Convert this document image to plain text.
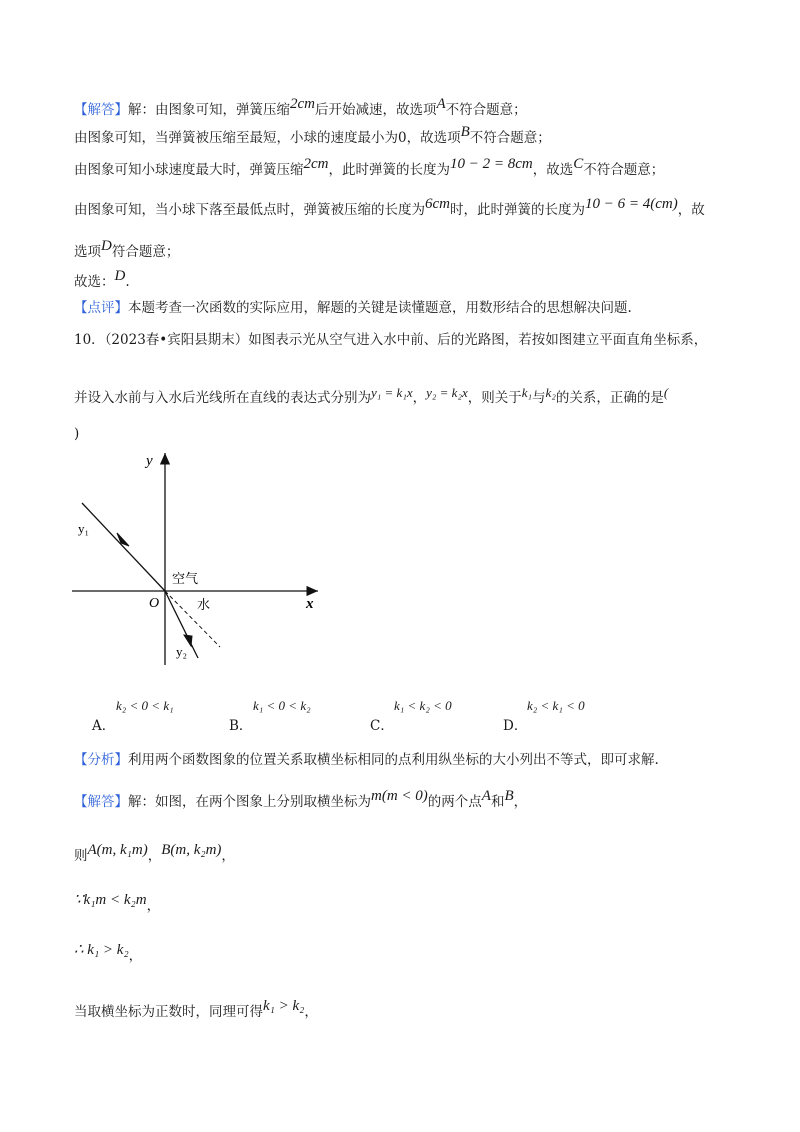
【解答】解：由图象可知，弹簧压缩2cm后开始减速，故选项A不符合题意；
由图象可知，当弹簧被压缩至最短，小球的速度最小为0，故选项B不符合题意；
由图象可知小球速度最大时，弹簧压缩2cm，此时弹簧的长度为10 − 2 = 8cm，故选C不符合题意；
由图象可知，当小球下落至最低点时，弹簧被压缩的长度为6cm时，此时弹簧的长度为10 − 6 = 4(cm)，故
选项D符合题意；
故选：D.
【点评】本题考查一次函数的实际应用，解题的关键是读懂题意，用数形结合的思想解决问题.
10．（2023春•宾阳县期末）如图表示光从空气进入水中前、后的光路图，若按如图建立平面直角坐标系，
并设入水前与入水后光线所在直线的表达式分别为y₁ = k₁x，y₂ = k₂x，则关于k₁与k₂的关系，正确的是(
)
y
x
O
y₁
y₂
空气
水
k₂ < 0 < k₁
A．
k₁ < 0 < k₂
B．
k₁ < k₂ < 0
C．
k₂ < k₁ < 0
D．
【分析】利用两个函数图象的位置关系取横坐标相同的点利用纵坐标的大小列出不等式，即可求解.
【解答】解：如图，在两个图象上分别取横坐标为m(m < 0)的两个点A和B，
则A(m, k₁m)，B(m, k₂m)，
∵k₁m < k₂m，
∴ k₁ > k₂，
当取横坐标为正数时，同理可得k₁ > k₂，
